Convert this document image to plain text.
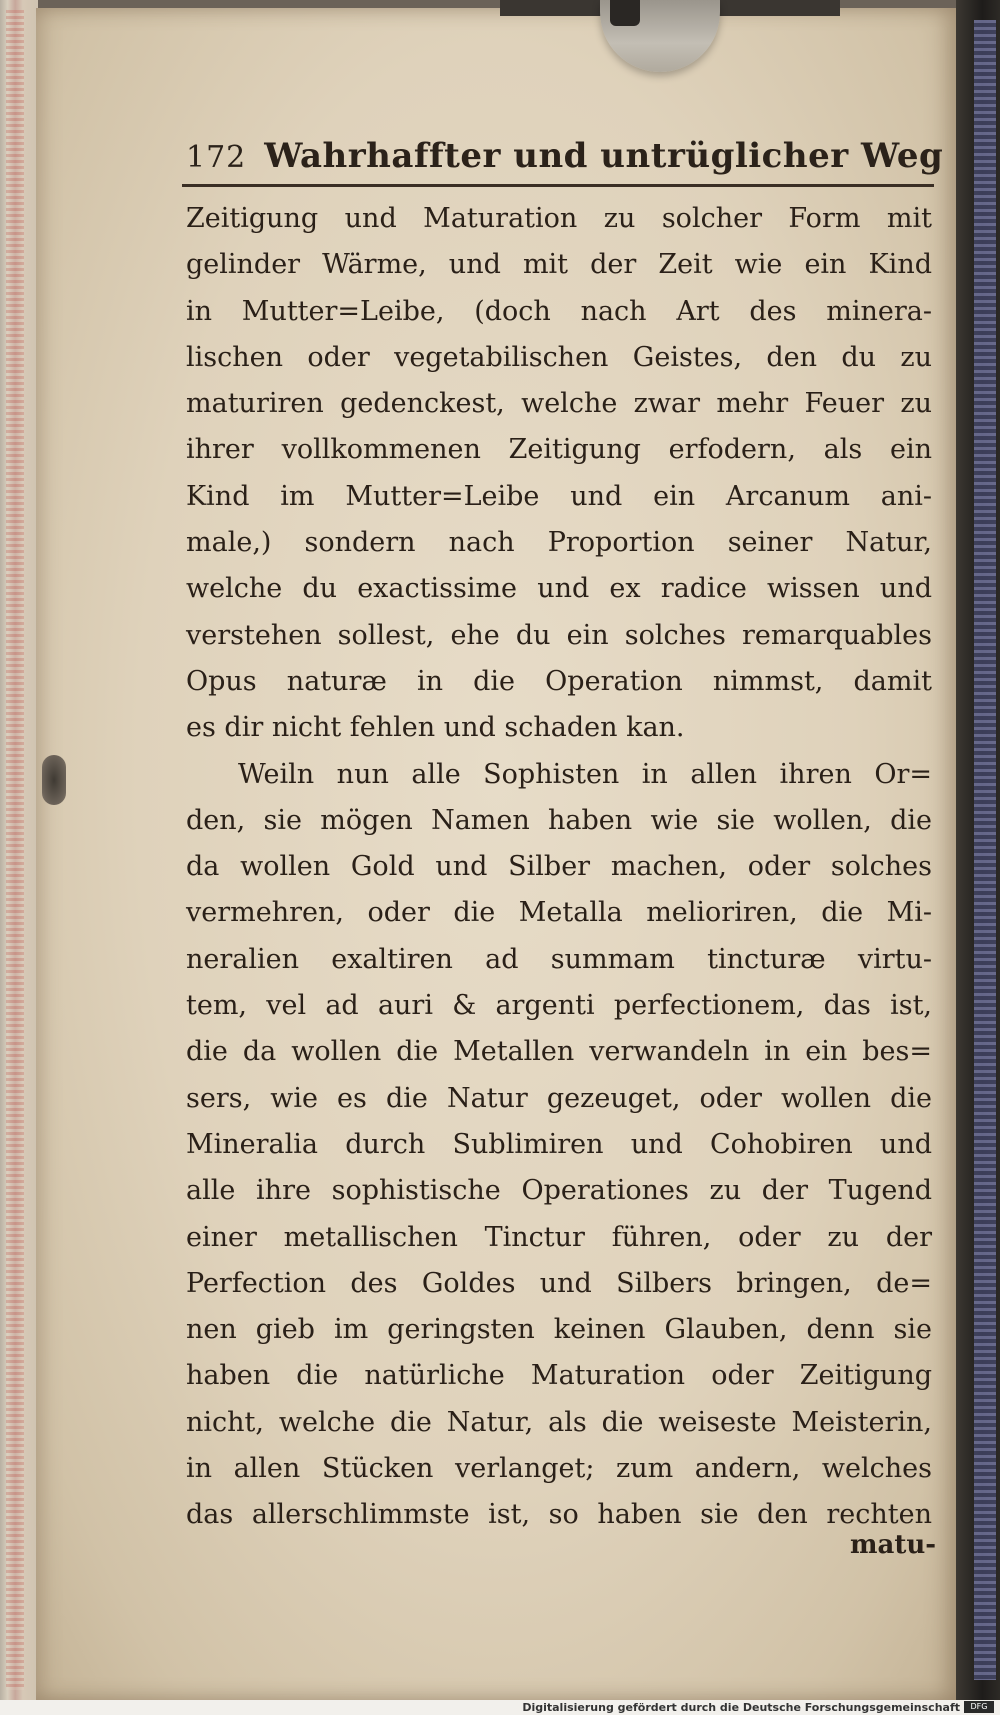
172 Wahrhaffter und untrüglicher Weg
Zeitigung und Maturation zu solcher Form mit
gelinder Wärme, und mit der Zeit wie ein Kind
in Mutter=Leibe, (doch nach Art des minera-
lischen oder vegetabilischen Geistes, den du zu
maturiren gedenckest, welche zwar mehr Feuer zu
ihrer vollkommenen Zeitigung erfodern, als ein
Kind im Mutter=Leibe und ein Arcanum ani-
male,) sondern nach Proportion seiner Natur,
welche du exactissime und ex radice wissen und
verstehen sollest, ehe du ein solches remarquables
Opus naturæ in die Operation nimmst, damit
es dir nicht fehlen und schaden kan.
Weiln nun alle Sophisten in allen ihren Or=
den, sie mögen Namen haben wie sie wollen, die
da wollen Gold und Silber machen, oder solches
vermehren, oder die Metalla melioriren, die Mi-
neralien exaltiren ad summam tincturæ virtu-
tem, vel ad auri & argenti perfectionem, das ist,
die da wollen die Metallen verwandeln in ein bes=
sers, wie es die Natur gezeuget, oder wollen die
Mineralia durch Sublimiren und Cohobiren und
alle ihre sophistische Operationes zu der Tugend
einer metallischen Tinctur führen, oder zu der
Perfection des Goldes und Silbers bringen, de=
nen gieb im geringsten keinen Glauben, denn sie
haben die natürliche Maturation oder Zeitigung
nicht, welche die Natur, als die weiseste Meisterin,
in allen Stücken verlanget; zum andern, welches
das allerschlimmste ist, so haben sie den rechten
matu-
Digitalisierung gefördert durch die Deutsche Forschungsgemeinschaft	DFG
